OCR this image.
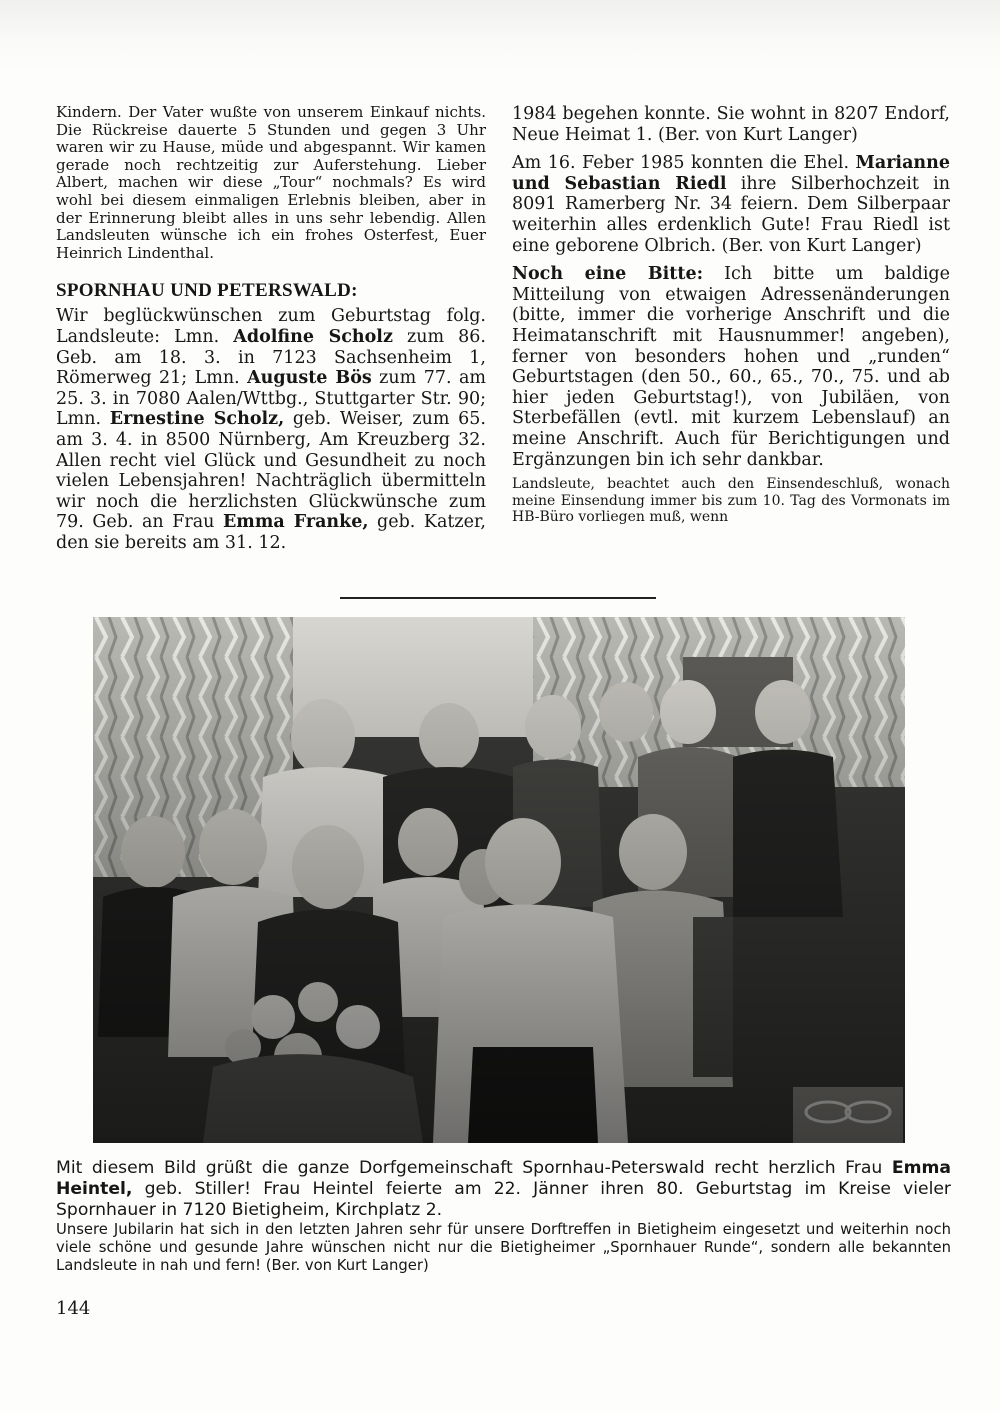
Kindern. Der Vater wußte von unserem Einkauf nichts. Die Rückreise dauerte 5 Stunden und gegen 3 Uhr waren wir zu Hause, müde und abgespannt. Wir kamen gerade noch rechtzeitig zur Auferstehung. Lieber Albert, machen wir diese „Tour“ nochmals? Es wird wohl bei diesem einmaligen Erlebnis bleiben, aber in der Erinnerung bleibt alles in uns sehr lebendig. Allen Landsleuten wünsche ich ein frohes Osterfest, Euer Heinrich Lindenthal.

SPORNHAU UND PETERSWALD:

Wir beglückwünschen zum Geburtstag folg. Landsleute: Lmn. Adolfine Scholz zum 86. Geb. am 18. 3. in 7123 Sachsenheim 1, Römerweg 21; Lmn. Auguste Bös zum 77. am 25. 3. in 7080 Aalen/Wttbg., Stuttgarter Str. 90; Lmn. Ernestine Scholz, geb. Weiser, zum 65. am 3. 4. in 8500 Nürnberg, Am Kreuzberg 32. Allen recht viel Glück und Gesundheit zu noch vielen Lebensjahren! Nachträglich übermitteln wir noch die herzlichsten Glückwünsche zum 79. Geb. an Frau Emma Franke, geb. Katzer, den sie bereits am 31. 12.

1984 begehen konnte. Sie wohnt in 8207 Endorf, Neue Heimat 1. (Ber. von Kurt Langer)

Am 16. Feber 1985 konnten die Ehel. Marianne und Sebastian Riedl ihre Silberhochzeit in 8091 Ramerberg Nr. 34 feiern. Dem Silberpaar weiterhin alles erdenklich Gute! Frau Riedl ist eine geborene Olbrich. (Ber. von Kurt Langer)

Noch eine Bitte: Ich bitte um baldige Mitteilung von etwaigen Adressenänderungen (bitte, immer die vorherige Anschrift und die Heimatanschrift mit Hausnummer! angeben), ferner von besonders hohen und „runden“ Geburtstagen (den 50., 60., 65., 70., 75. und ab hier jeden Geburtstag!), von Jubiläen, von Sterbefällen (evtl. mit kurzem Lebenslauf) an meine Anschrift. Auch für Berichtigungen und Ergänzungen bin ich sehr dankbar.

Landsleute, beachtet auch den Einsendeschluß, wonach meine Einsendung immer bis zum 10. Tag des Vormonats im HB-Büro vorliegen muß, wenn

Mit diesem Bild grüßt die ganze Dorfgemeinschaft Spornhau-Peterswald recht herzlich Frau Emma Heintel, geb. Stiller! Frau Heintel feierte am 22. Jänner ihren 80. Geburtstag im Kreise vieler Spornhauer in 7120 Bietigheim, Kirchplatz 2.

Unsere Jubilarin hat sich in den letzten Jahren sehr für unsere Dorftreffen in Bietigheim eingesetzt und weiterhin noch viele schöne und gesunde Jahre wünschen nicht nur die Bietigheimer „Spornhauer Runde“, sondern alle bekannten Landsleute in nah und fern! (Ber. von Kurt Langer)

144
